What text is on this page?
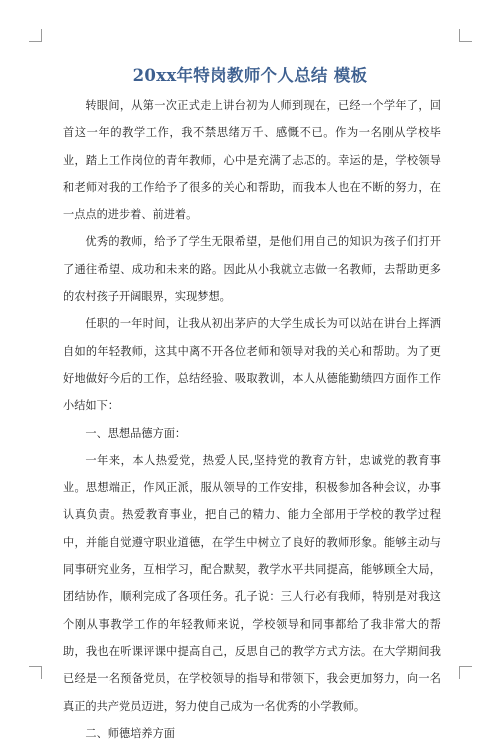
20xx年特岗教师个人总结 模板

转眼间，从第一次正式走上讲台初为人师到现在，已经一个学年了，回首这一年的教学工作，我不禁思绪万千、感慨不已。作为一名刚从学校毕业，踏上工作岗位的青年教师，心中是充满了忐忑的。幸运的是，学校领导和老师对我的工作给予了很多的关心和帮助，而我本人也在不断的努力，在一点点的进步着、前进着。

优秀的教师，给予了学生无限希望，是他们用自己的知识为孩子们打开了通往希望、成功和未来的路。因此从小我就立志做一名教师，去帮助更多的农村孩子开阔眼界，实现梦想。

任职的一年时间，让我从初出茅庐的大学生成长为可以站在讲台上挥洒自如的年轻教师，这其中离不开各位老师和领导对我的关心和帮助。为了更好地做好今后的工作，总结经验、吸取教训，本人从德能勤绩四方面作工作小结如下：

一、思想品德方面：

一年来，本人热爱党，热爱人民,坚持党的教育方针，忠诚党的教育事业。思想端正，作风正派，服从领导的工作安排，积极参加各种会议，办事认真负责。热爱教育事业，把自己的精力、能力全部用于学校的教学过程中，并能自觉遵守职业道德，在学生中树立了良好的教师形象。能够主动与同事研究业务，互相学习，配合默契，教学水平共同提高，能够顾全大局，团结协作，顺利完成了各项任务。孔子说：三人行必有我师，特别是对我这个刚从事教学工作的年轻教师来说，学校领导和同事都给了我非常大的帮助，我也在听课评课中提高自己，反思自己的教学方式方法。在大学期间我已经是一名预备党员，在学校领导的指导和带领下，我会更加努力，向一名真正的共产党员迈进，努力使自己成为一名优秀的小学教师。

二、师德培养方面
